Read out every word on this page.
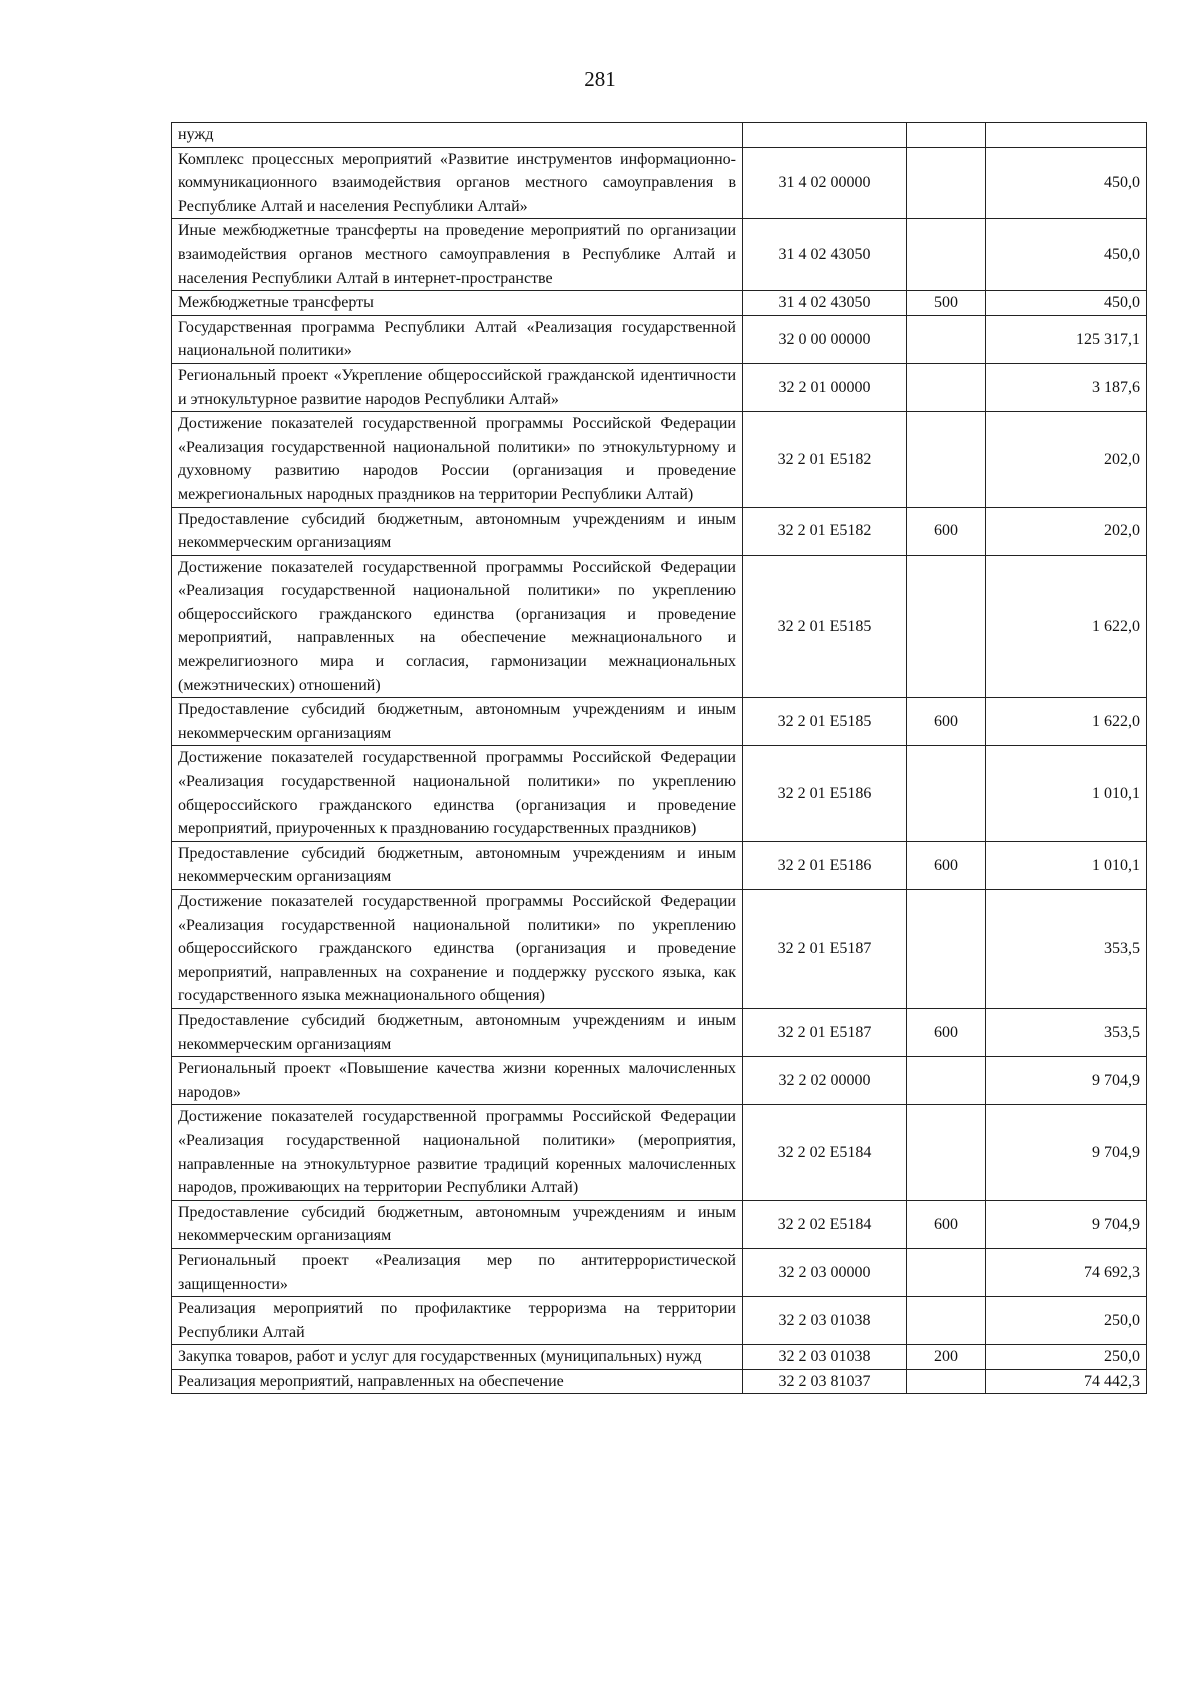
281
нужд			
Комплекс процессных мероприятий «Развитие инструментов информационно-коммуникационного взаимодействия органов местного самоуправления в Республике Алтай и населения Республики Алтай»	31 4 02 00000		450,0
Иные межбюджетные трансферты на проведение мероприятий по организации взаимодействия органов местного самоуправления в Республике Алтай и населения Республики Алтай в интернет-пространстве	31 4 02 43050		450,0
Межбюджетные трансферты	31 4 02 43050	500	450,0
Государственная программа Республики Алтай «Реализация государственной национальной политики»	32 0 00 00000		125 317,1
Региональный проект «Укрепление общероссийской гражданской идентичности и этнокультурное развитие народов Республики Алтай»	32 2 01 00000		3 187,6
Достижение показателей государственной программы Российской Федерации «Реализация государственной национальной политики» по этнокультурному и духовному развитию народов России (организация и проведение межрегиональных народных праздников на территории Республики Алтай)	32 2 01 E5182		202,0
Предоставление субсидий бюджетным, автономным учреждениям и иным некоммерческим организациям	32 2 01 E5182	600	202,0
Достижение показателей государственной программы Российской Федерации «Реализация государственной национальной политики» по укреплению общероссийского гражданского единства (организация и проведение мероприятий, направленных на обеспечение межнационального и межрелигиозного мира и согласия, гармонизации межнациональных (межэтнических) отношений)	32 2 01 E5185		1 622,0
Предоставление субсидий бюджетным, автономным учреждениям и иным некоммерческим организациям	32 2 01 E5185	600	1 622,0
Достижение показателей государственной программы Российской Федерации «Реализация государственной национальной политики» по укреплению общероссийского гражданского единства (организация и проведение мероприятий, приуроченных к празднованию государственных праздников)	32 2 01 E5186		1 010,1
Предоставление субсидий бюджетным, автономным учреждениям и иным некоммерческим организациям	32 2 01 E5186	600	1 010,1
Достижение показателей государственной программы Российской Федерации «Реализация государственной национальной политики» по укреплению общероссийского гражданского единства (организация и проведение мероприятий, направленных на сохранение и поддержку русского языка, как государственного языка межнационального общения)	32 2 01 E5187		353,5
Предоставление субсидий бюджетным, автономным учреждениям и иным некоммерческим организациям	32 2 01 E5187	600	353,5
Региональный проект «Повышение качества жизни коренных малочисленных народов»	32 2 02 00000		9 704,9
Достижение показателей государственной программы Российской Федерации «Реализация государственной национальной политики» (мероприятия, направленные на этнокультурное развитие традиций коренных малочисленных народов, проживающих на территории Республики Алтай)	32 2 02 E5184		9 704,9
Предоставление субсидий бюджетным, автономным учреждениям и иным некоммерческим организациям	32 2 02 E5184	600	9 704,9
Региональный проект «Реализация мер по антитеррористической защищенности»	32 2 03 00000		74 692,3
Реализация мероприятий по профилактике терроризма на территории Республики Алтай	32 2 03 01038		250,0
Закупка товаров, работ и услуг для государственных (муниципальных) нужд	32 2 03 01038	200	250,0
Реализация мероприятий, направленных на обеспечение	32 2 03 81037		74 442,3
